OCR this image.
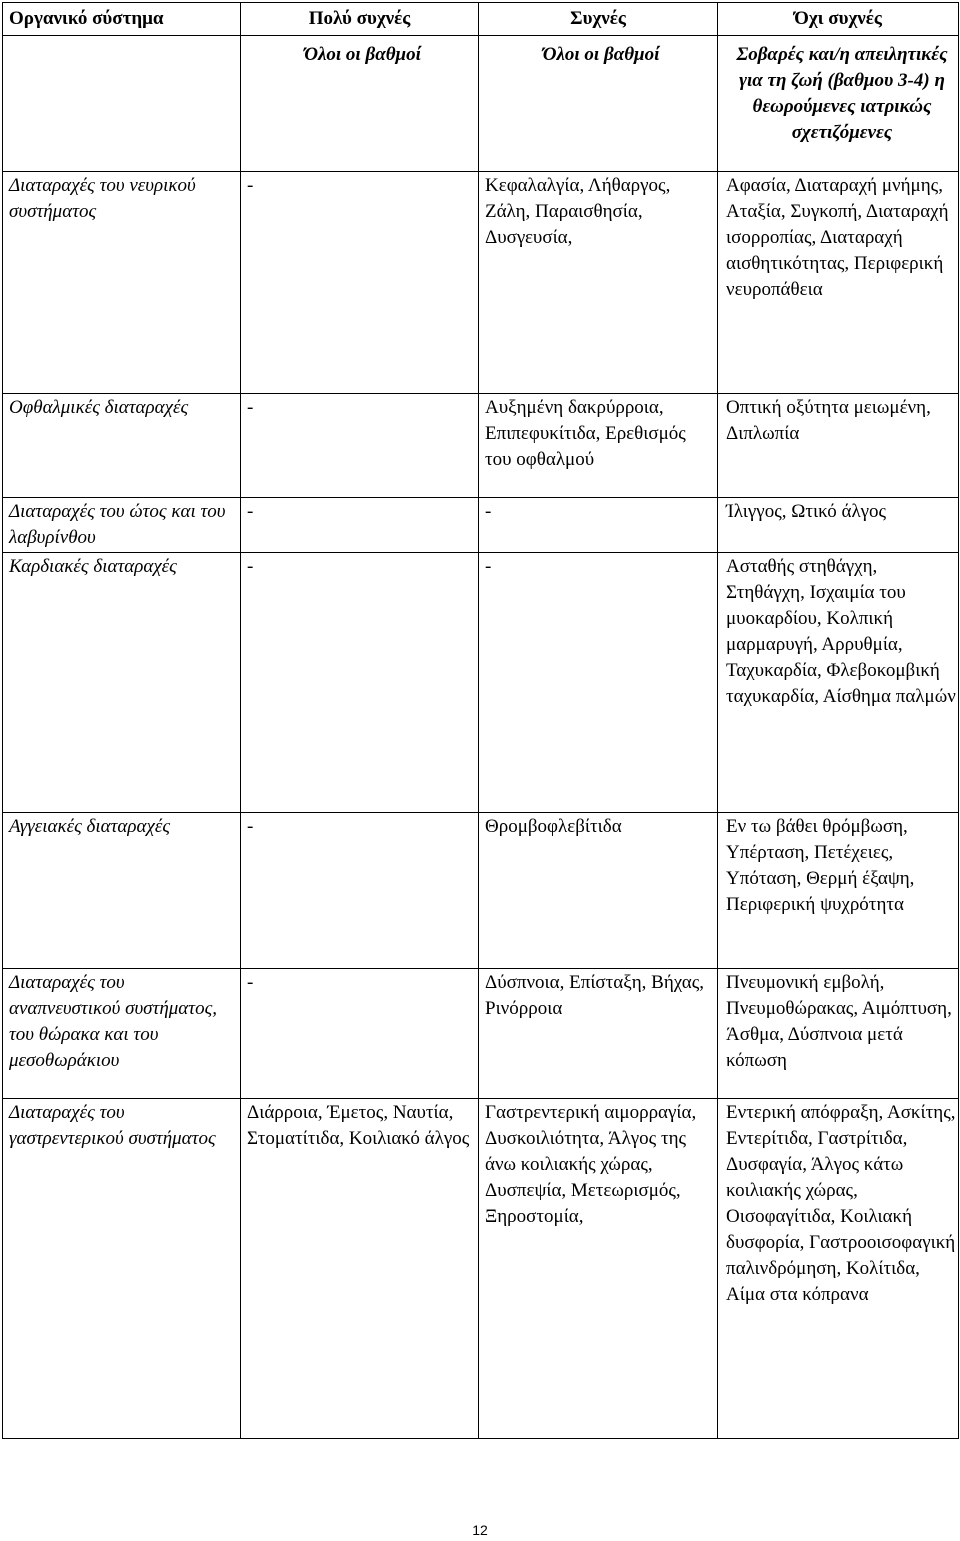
Οργανικό σύστημα	Πολύ συχνές	Συχνές	Όχι συχνές
	Όλοι οι βαθμοί	Όλοι οι βαθμοί	Σοβαρές και/η απειλητικές για τη ζωή (βαθμου 3-4) η θεωρούμενες ιατρικώς σχετιζόμενες
Διαταραχές του νευρικού συστήματος	-	Κεφαλαλγία, Λήθαργος, Ζάλη, Παραισθησία, Δυσγευσία,	Αφασία, Διαταραχή μνήμης, Αταξία, Συγκοπή, Διαταραχή ισορροπίας, Διαταραχή αισθητικότητας, Περιφερική νευροπάθεια
Οφθαλμικές διαταραχές	-	Αυξημένη δακρύρροια, Επιπεφυκίτιδα, Ερεθισμός του οφθαλμού	Οπτική οξύτητα μειωμένη, Διπλωπία
Διαταραχές του ώτος και του λαβυρίνθου	-	-	Ίλιγγος, Ωτικό άλγος
Καρδιακές διαταραχές	-	-	Ασταθής στηθάγχη, Στηθάγχη, Ισχαιμία του μυοκαρδίου, Κολπική μαρμαρυγή, Αρρυθμία, Ταχυκαρδία, Φλεβοκομβική ταχυκαρδία, Αίσθημα παλμών
Αγγειακές διαταραχές	-	Θρομβοφλεβίτιδα	Εν τω βάθει θρόμβωση, Υπέρταση, Πετέχειες, Υπόταση, Θερμή έξαψη, Περιφερική ψυχρότητα
Διαταραχές του αναπνευστικού συστήματος, του θώρακα και του μεσοθωράκιου	-	Δύσπνοια, Επίσταξη, Βήχας, Ρινόρροια	Πνευμονική εμβολή, Πνευμοθώρακας, Αιμόπτυση, Άσθμα, Δύσπνοια μετά κόπωση
Διαταραχές του γαστρεντερικού συστήματος	Διάρροια, Έμετος, Ναυτία, Στοματίτιδα, Κοιλιακό άλγος	Γαστρεντερική αιμορραγία, Δυσκοιλιότητα, Άλγος της άνω κοιλιακής χώρας, Δυσπεψία, Μετεωρισμός, Ξηροστομία,	Εντερική απόφραξη, Ασκίτης, Εντερίτιδα, Γαστρίτιδα, Δυσφαγία, Άλγος κάτω κοιλιακής χώρας, Οισοφαγίτιδα, Κοιλιακή δυσφορία, Γαστροοισοφαγική παλινδρόμηση, Κολίτιδα, Αίμα στα κόπρανα
12
